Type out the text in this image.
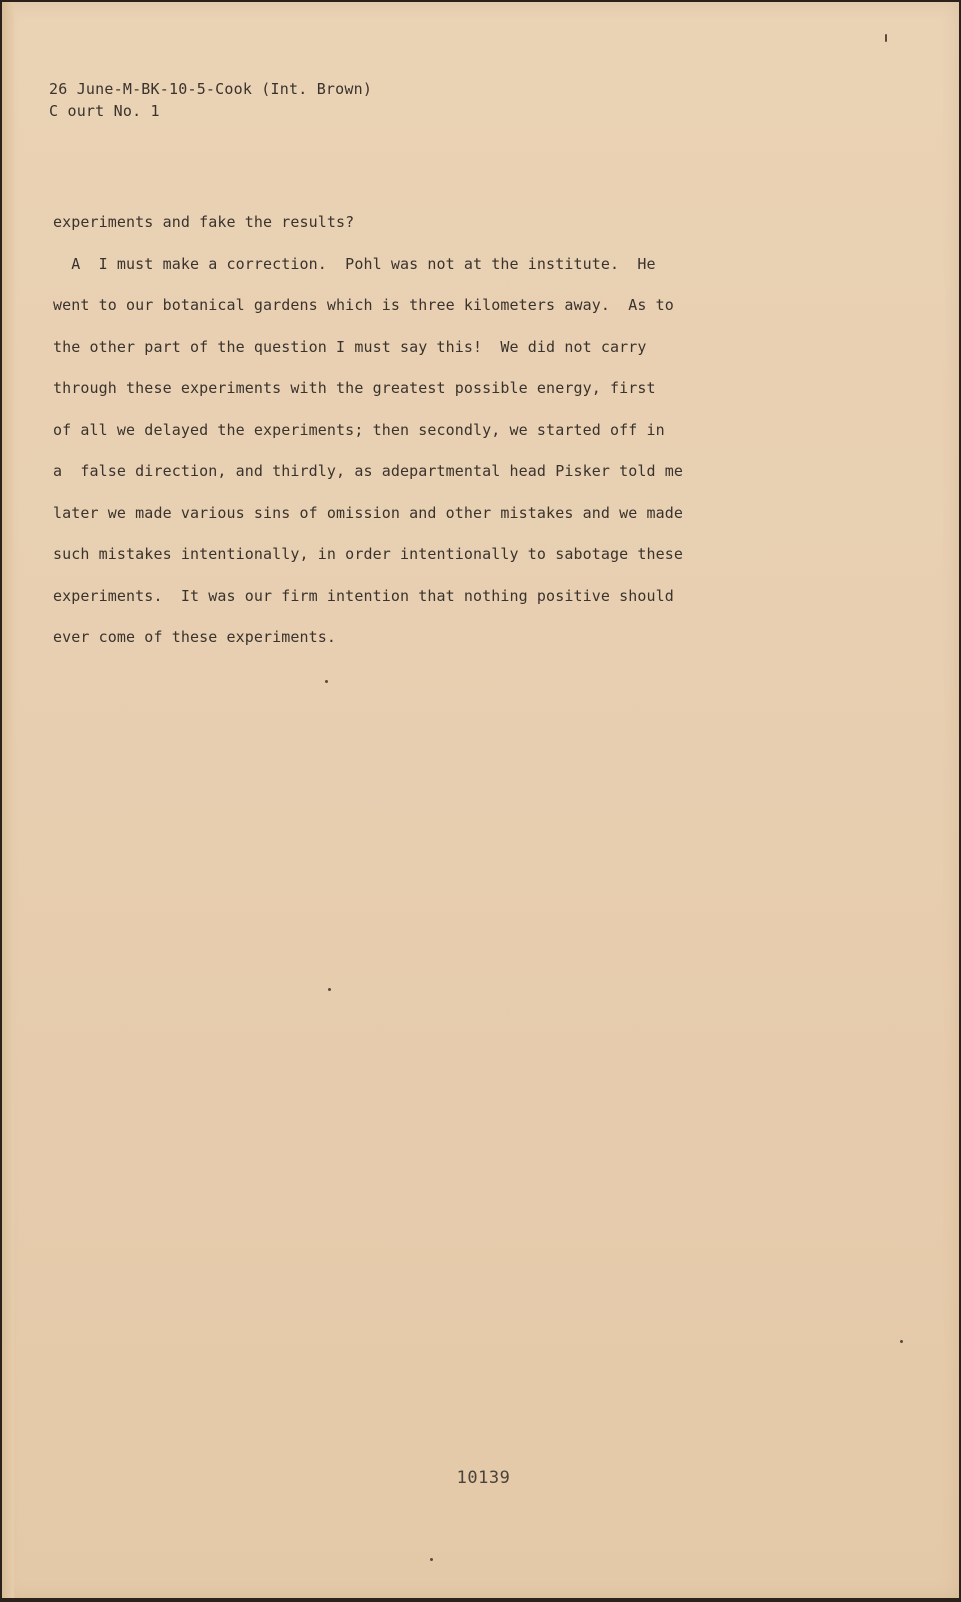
26 June-M-BK-10-5-Cook (Int. Brown)
C ourt No. 1

experiments and fake the results?

A  I must make a correction.  Pohl was not at the institute.  He

went to our botanical gardens which is three kilometers away.  As to

the other part of the question I must say this!  We did not carry

through these experiments with the greatest possible energy, first

of all we delayed the experiments; then secondly, we started off in

a  false direction, and thirdly, as adepartmental head Pisker told me

later we made various sins of omission and other mistakes and we made

such mistakes intentionally, in order intentionally to sabotage these

experiments.  It was our firm intention that nothing positive should

ever come of these experiments.

10139
